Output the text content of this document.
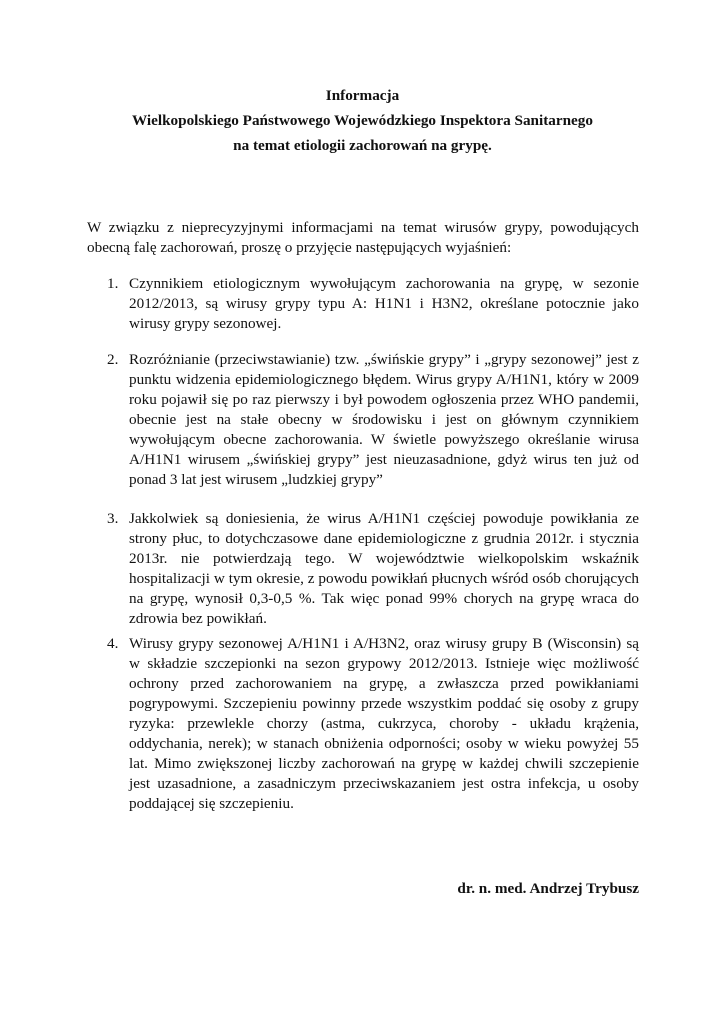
Informacja
Wielkopolskiego Państwowego Wojewódzkiego Inspektora Sanitarnego
na temat etiologii zachorowań na grypę.

W związku z nieprecyzyjnymi informacjami na temat wirusów grypy, powodujących obecną falę zachorowań, proszę o przyjęcie następujących wyjaśnień:

1. Czynnikiem etiologicznym wywołującym zachorowania na grypę, w sezonie 2012/2013, są wirusy grypy typu A: H1N1 i H3N2, określane potocznie jako wirusy grypy sezonowej.

2. Rozróżnianie (przeciwstawianie) tzw. „świńskie grypy” i „grypy sezonowej” jest z punktu widzenia epidemiologicznego błędem. Wirus grypy A/H1N1, który w 2009 roku pojawił się po raz pierwszy i był powodem ogłoszenia przez WHO pandemii, obecnie jest na stałe obecny w środowisku i jest on głównym czynnikiem wywołującym obecne zachorowania. W świetle powyższego określanie wirusa A/H1N1 wirusem „świńskiej grypy” jest nieuzasadnione, gdyż wirus ten już od ponad 3 lat jest wirusem „ludzkiej grypy”

3. Jakkolwiek są doniesienia, że wirus A/H1N1 częściej powoduje powikłania ze strony płuc, to dotychczasowe dane epidemiologiczne z grudnia 2012r. i stycznia 2013r. nie potwierdzają tego. W województwie wielkopolskim wskaźnik hospitalizacji w tym okresie, z powodu powikłań płucnych wśród osób chorujących na grypę, wynosił 0,3-0,5 %. Tak więc ponad 99% chorych na grypę wraca do zdrowia bez powikłań.

4. Wirusy grypy sezonowej A/H1N1 i A/H3N2, oraz wirusy grupy B (Wisconsin) są w składzie szczepionki na sezon grypowy 2012/2013. Istnieje więc możliwość ochrony przed zachorowaniem na grypę, a zwłaszcza przed powikłaniami pogrypowymi. Szczepieniu powinny przede wszystkim poddać się osoby z grupy ryzyka: przewlekle chorzy (astma, cukrzyca, choroby - układu krążenia, oddychania, nerek); w stanach obniżenia odporności; osoby w wieku powyżej 55 lat. Mimo zwiększonej liczby zachorowań na grypę w każdej chwili szczepienie jest uzasadnione, a zasadniczym przeciwskazaniem jest ostra infekcja, u osoby poddającej się szczepieniu.

dr. n. med. Andrzej Trybusz
